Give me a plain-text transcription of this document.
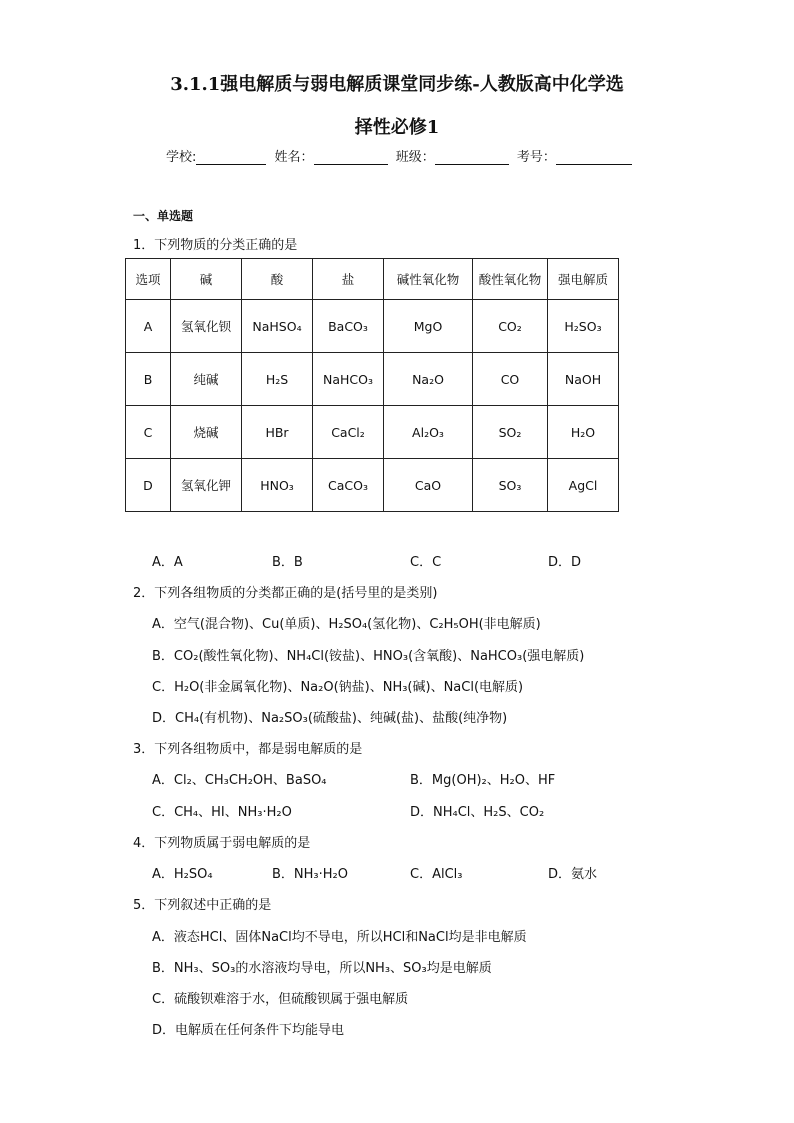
3.1.1强电解质与弱电解质课堂同步练-人教版高中化学选
择性必修1
学校:	姓名：	班级：	考号：
一、单选题
1．下列物质的分类正确的是
选项	碱	酸	盐	碱性氧化物	酸性氧化物	强电解质
A	氢氧化钡	NaHSO₄	BaCO₃	MgO	CO₂	H₂SO₃
B	纯碱	H₂S	NaHCO₃	Na₂O	CO	NaOH
C	烧碱	HBr	CaCl₂	Al₂O₃	SO₂	H₂O
D	氢氧化钾	HNO₃	CaCO₃	CaO	SO₃	AgCl
A．A	B．B	C．C	D．D
2．下列各组物质的分类都正确的是(括号里的是类别)
A．空气(混合物)、Cu(单质)、H₂SO₄(氢化物)、C₂H₅OH(非电解质)
B．CO₂(酸性氧化物)、NH₄Cl(铵盐)、HNO₃(含氧酸)、NaHCO₃(强电解质)
C．H₂O(非金属氧化物)、Na₂O(钠盐)、NH₃(碱)、NaCl(电解质)
D．CH₄(有机物)、Na₂SO₃(硫酸盐)、纯碱(盐)、盐酸(纯净物)
3．下列各组物质中，都是弱电解质的是
A．Cl₂、CH₃CH₂OH、BaSO₄	B．Mg(OH)₂、H₂O、HF
C．CH₄、HI、NH₃·H₂O	D．NH₄Cl、H₂S、CO₂
4．下列物质属于弱电解质的是
A．H₂SO₄	B．NH₃·H₂O	C．AlCl₃	D．氨水
5．下列叙述中正确的是
A．液态HCl、固体NaCl均不导电，所以HCl和NaCl均是非电解质
B．NH₃、SO₃的水溶液均导电，所以NH₃、SO₃均是电解质
C．硫酸钡难溶于水，但硫酸钡属于强电解质
D．电解质在任何条件下均能导电
